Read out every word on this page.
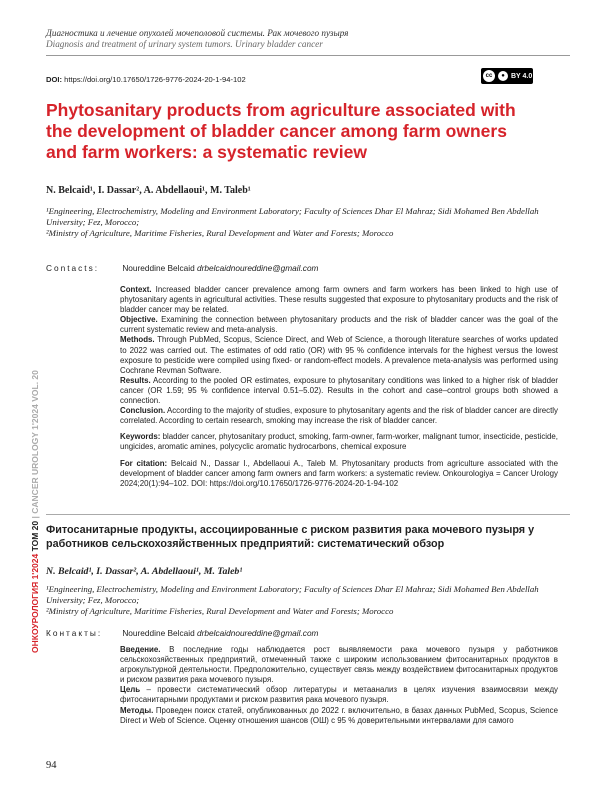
Диагностика и лечение опухолей мочеполовой системы. Рак мочевого пузыря
Diagnosis and treatment of urinary system tumors. Urinary bladder cancer
DOI: https://doi.org/10.17650/1726-9776-2024-20-1-94-102	cc	● BY 4.0
Phytosanitary products from agriculture associated with the development of bladder cancer among farm owners and farm workers: a systematic review
N. Belcaid¹, I. Dassar², A. Abdellaoui¹, M. Taleb¹
¹Engineering, Electrochemistry, Modeling and Environment Laboratory; Faculty of Sciences Dhar El Mahraz; Sidi Mohamed Ben Abdellah University; Fez, Morocco;
²Ministry of Agriculture, Maritime Fisheries, Rural Development and Water and Forests; Morocco
Contacts:	Noureddine Belcaid drbelcaidnoureddine@gmail.com

Context. Increased bladder cancer prevalence among farm owners and farm workers has been linked to high use of phytosanitary agents in agricultural activities. These results suggested that exposure to phytosanitary products and the risk of bladder cancer may be related.

Objective. Examining the connection between phytosanitary products and the risk of bladder cancer was the goal of the current systematic review and meta-analysis.

Methods. Through PubMed, Scopus, Science Direct, and Web of Science, a thorough literature searches of works updated to 2022 was carried out. The estimates of odd ratio (OR) with 95 % confidence intervals for the highest versus the lowest exposure to pesticide were compiled using fixed- or random-effect models. A prevalence meta-analysis was performed using Cochrane Revman Software.

Results. According to the pooled OR estimates, exposure to phytosanitary conditions was linked to a higher risk of bladder cancer (OR 1.59; 95 % confidence interval 0.51–5.02). Results in the cohort and case–control groups both showed a connection.

Conclusion. According to the majority of studies, exposure to phytosanitary agents and the risk of bladder cancer are directly correlated. According to certain research, smoking may increase the risk of bladder cancer.

Keywords: bladder cancer, phytosanitary product, smoking, farm-owner, farm-worker, malignant tumor, insecticide, pesticide, ungicides, aromatic amines, polycyclic aromatic hydrocarbons, chemical exposure

For citation: Belcaid N., Dassar I., Abdellaoui A., Taleb M. Phytosanitary products from agriculture associated with the development of bladder cancer among farm owners and farm workers: a systematic review. Onkourologiya = Cancer Urology 2024;20(1):94–102. DOI: https://doi.org/10.17650/1726-9776-2024-20-1-94-102

ОНКОУРОЛОГИЯ 1'2024 ТОМ 20 | CANCER UROLOGY 1'2024 VOL. 20
Фитосанитарные продукты, ассоциированные с риском развития рака мочевого пузыря у работников сельскохозяйственных предприятий: систематический обзор
N. Belcaid¹, I. Dassar², A. Abdellaoui¹, M. Taleb¹
¹Engineering, Electrochemistry, Modeling and Environment Laboratory; Faculty of Sciences Dhar El Mahraz; Sidi Mohamed Ben Abdellah University; Fez, Morocco;
²Ministry of Agriculture, Maritime Fisheries, Rural Development and Water and Forests; Morocco
Контакты: Noureddine Belcaid drbelcaidnoureddine@gmail.com

Введение. В последние годы наблюдается рост выявляемости рака мочевого пузыря у работников сельскохозяйственных предприятий, отмеченный также с широким использованием фитосанитарных продуктов в агрокультурной деятельности. Предположительно, существует связь между воздействием фитосанитарных продуктов и риском развития рака мочевого пузыря.

Цель – провести систематический обзор литературы и метаанализ в целях изучения взаимосвязи между фитосанитарными продуктами и риском развития рака мочевого пузыря.

Методы. Проведен поиск статей, опубликованных до 2022 г. включительно, в базах данных PubMed, Scopus, Science Direct и Web of Science. Оценку отношения шансов (ОШ) с 95 % доверительными интервалами для самого

94
